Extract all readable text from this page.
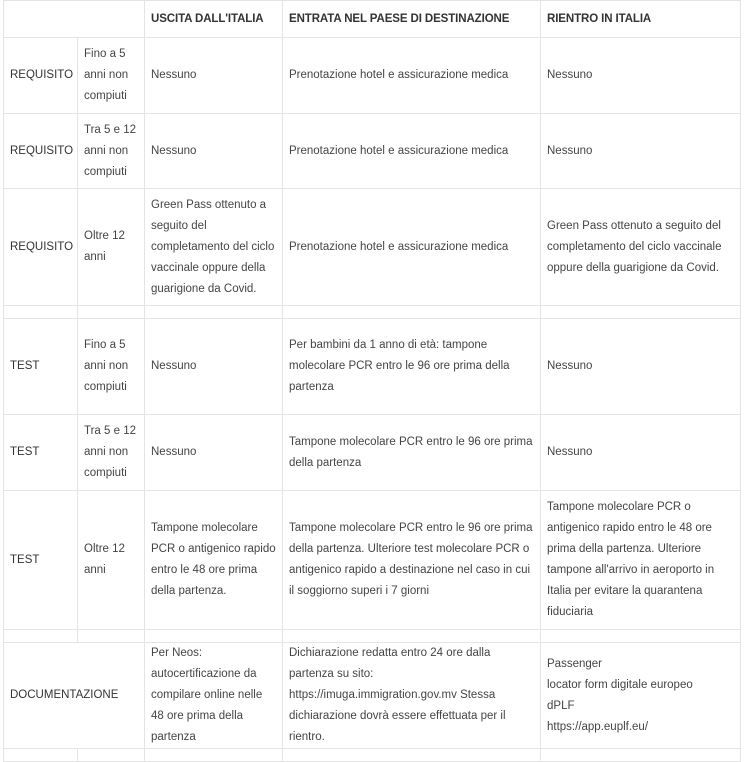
		USCITA DALL'ITALIA	ENTRATA NEL PAESE DI DESTINAZIONE	RIENTRO IN ITALIA
REQUISITO	Fino a 5 anni non compiuti	Nessuno	Prenotazione hotel e assicurazione medica	Nessuno
REQUISITO	Tra 5 e 12 anni non compiuti	Nessuno	Prenotazione hotel e assicurazione medica	Nessuno
REQUISITO	Oltre 12 anni	Green Pass ottenuto a seguito del completamento del ciclo vaccinale oppure della guarigione da Covid.	Prenotazione hotel e assicurazione medica	Green Pass ottenuto a seguito del completamento del ciclo vaccinale oppure della guarigione da Covid.

TEST	Fino a 5 anni non compiuti	Nessuno	Per bambini da 1 anno di età: tampone molecolare PCR entro le 96 ore prima della partenza	Nessuno
TEST	Tra 5 e 12 anni non compiuti	Nessuno	Tampone molecolare PCR entro le 96 ore prima della partenza	Nessuno
TEST	Oltre 12 anni	Tampone molecolare PCR o antigenico rapido entro le 48 ore prima della partenza.	Tampone molecolare PCR entro le 96 ore prima della partenza. Ulteriore test molecolare PCR o antigenico rapido a destinazione nel caso in cui il soggiorno superi i 7 giorni	Tampone molecolare PCR o antigenico rapido entro le 48 ore prima della partenza. Ulteriore tampone all'arrivo in aeroporto in Italia per evitare la quarantena fiduciaria

DOCUMENTAZIONE		Per Neos: autocertificazione da compilare online nelle 48 ore prima della partenza	Dichiarazione redatta entro 24 ore dalla partenza su sito: https://imuga.immigration.gov.mv Stessa dichiarazione dovrà essere effettuata per il rientro.	Passenger
locator form digitale europeo
dPLF
https://app.euplf.eu/
